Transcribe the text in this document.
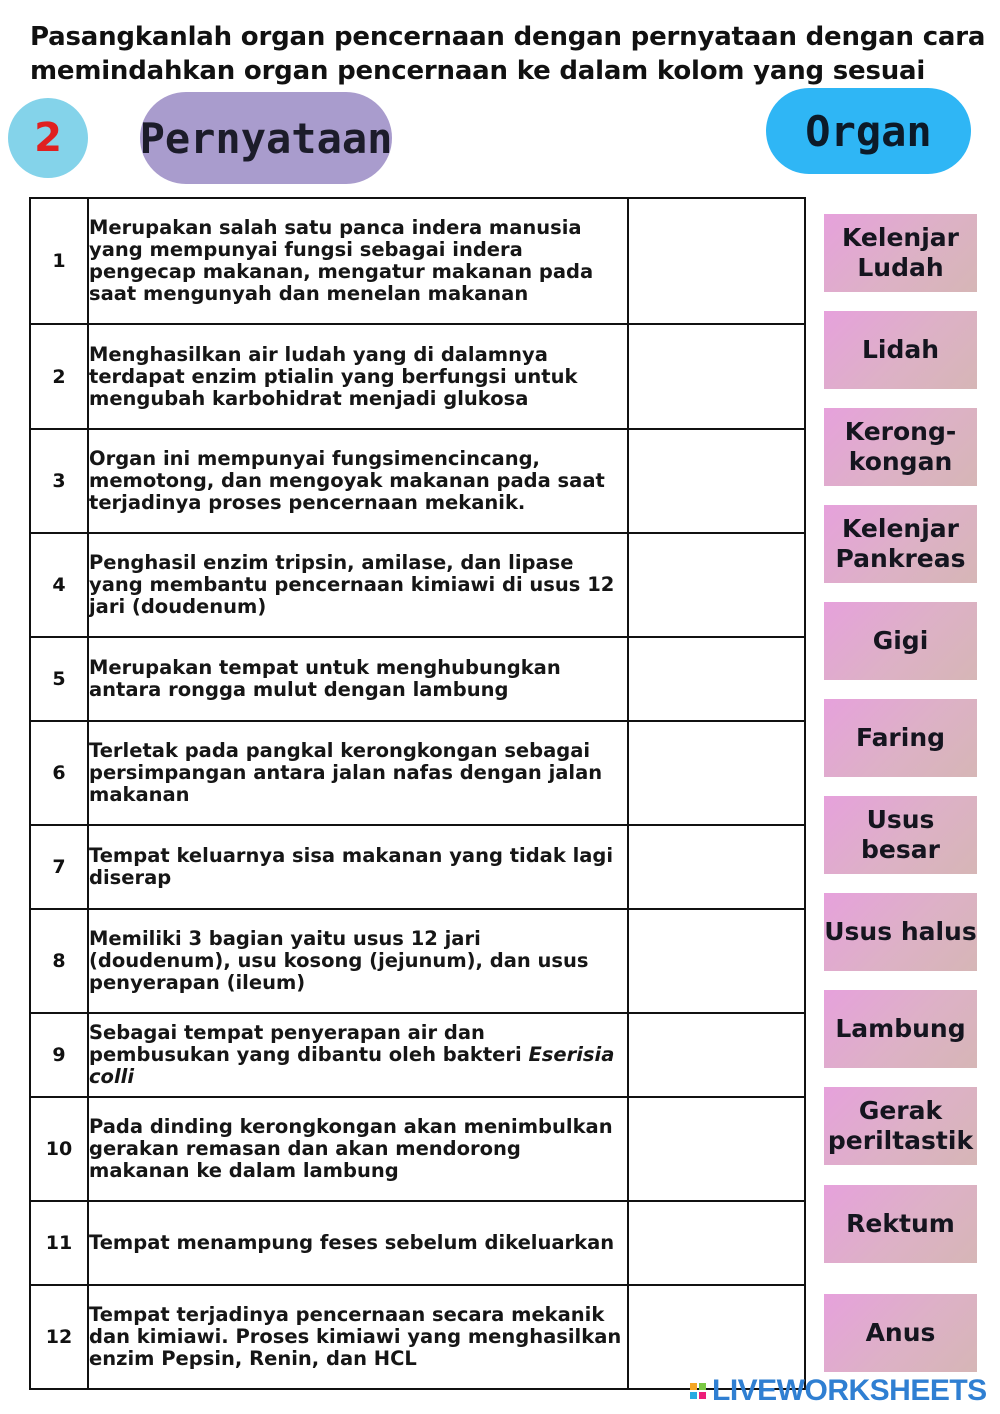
Pasangkanlah organ pencernaan dengan pernyataan dengan cara
memindahkan organ pencernaan ke dalam kolom yang sesuai
2	Pernyataan	Organ
1	Merupakan salah satu panca indera manusia yang mempunyai fungsi sebagai indera pengecap makanan, mengatur makanan pada saat mengunyah dan menelan makanan	
2	Menghasilkan air ludah yang di dalamnya terdapat enzim ptialin yang berfungsi untuk mengubah karbohidrat menjadi glukosa	
3	Organ ini mempunyai fungsimencincang, memotong, dan mengoyak makanan pada saat terjadinya proses pencernaan mekanik.	
4	Penghasil enzim tripsin, amilase, dan lipase yang membantu pencernaan kimiawi di usus 12 jari (doudenum)	
5	Merupakan tempat untuk menghubungkan antara rongga mulut dengan lambung	
6	Terletak pada pangkal kerongkongan sebagai persimpangan antara jalan nafas dengan jalan makanan	
7	Tempat keluarnya sisa makanan yang tidak lagi diserap	
8	Memiliki 3 bagian yaitu usus 12 jari (doudenum), usu kosong (jejunum), dan usus penyerapan (ileum)	
9	Sebagai tempat penyerapan air dan pembusukan yang dibantu oleh bakteri Eserisia colli	
10	Pada dinding kerongkongan akan menimbulkan gerakan remasan dan akan mendorong makanan ke dalam lambung	
11	Tempat menampung feses sebelum dikeluarkan	
12	Tempat terjadinya pencernaan secara mekanik dan kimiawi. Proses kimiawi yang menghasilkan enzim Pepsin, Renin, dan HCL	
Kelenjar
Ludah
Lidah
Kerong-
kongan
Kelenjar
Pankreas
Gigi
Faring
Usus besar
Usus halus
Lambung
Gerak
periltastik
Rektum
Anus
LIVEWORKSHEETS
